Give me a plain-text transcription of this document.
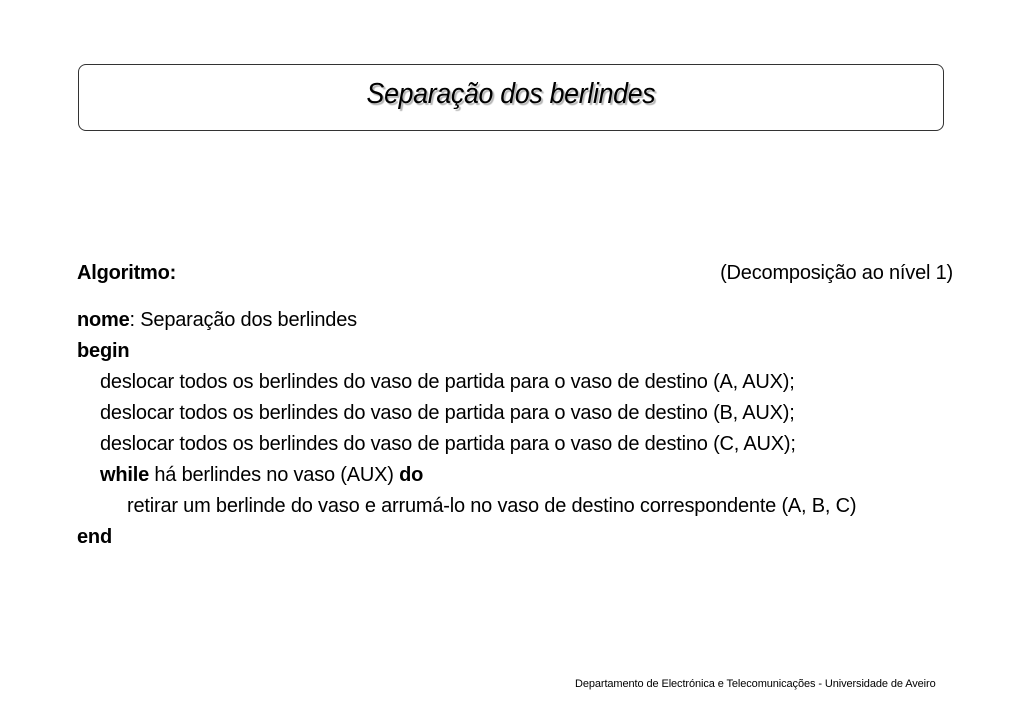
Separação dos berlindes
Algoritmo:	(Decomposição ao nível 1)
nome: Separação dos berlindes
begin
deslocar todos os berlindes do vaso de partida para o vaso de destino (A, AUX);
deslocar todos os berlindes do vaso de partida para o vaso de destino (B, AUX);
deslocar todos os berlindes do vaso de partida para o vaso de destino (C, AUX);
while há berlindes no vaso (AUX) do
retirar um berlinde do vaso e arrumá-lo no vaso de destino correspondente (A, B, C)
end
Departamento de Electrónica e Telecomunicações - Universidade de Aveiro
